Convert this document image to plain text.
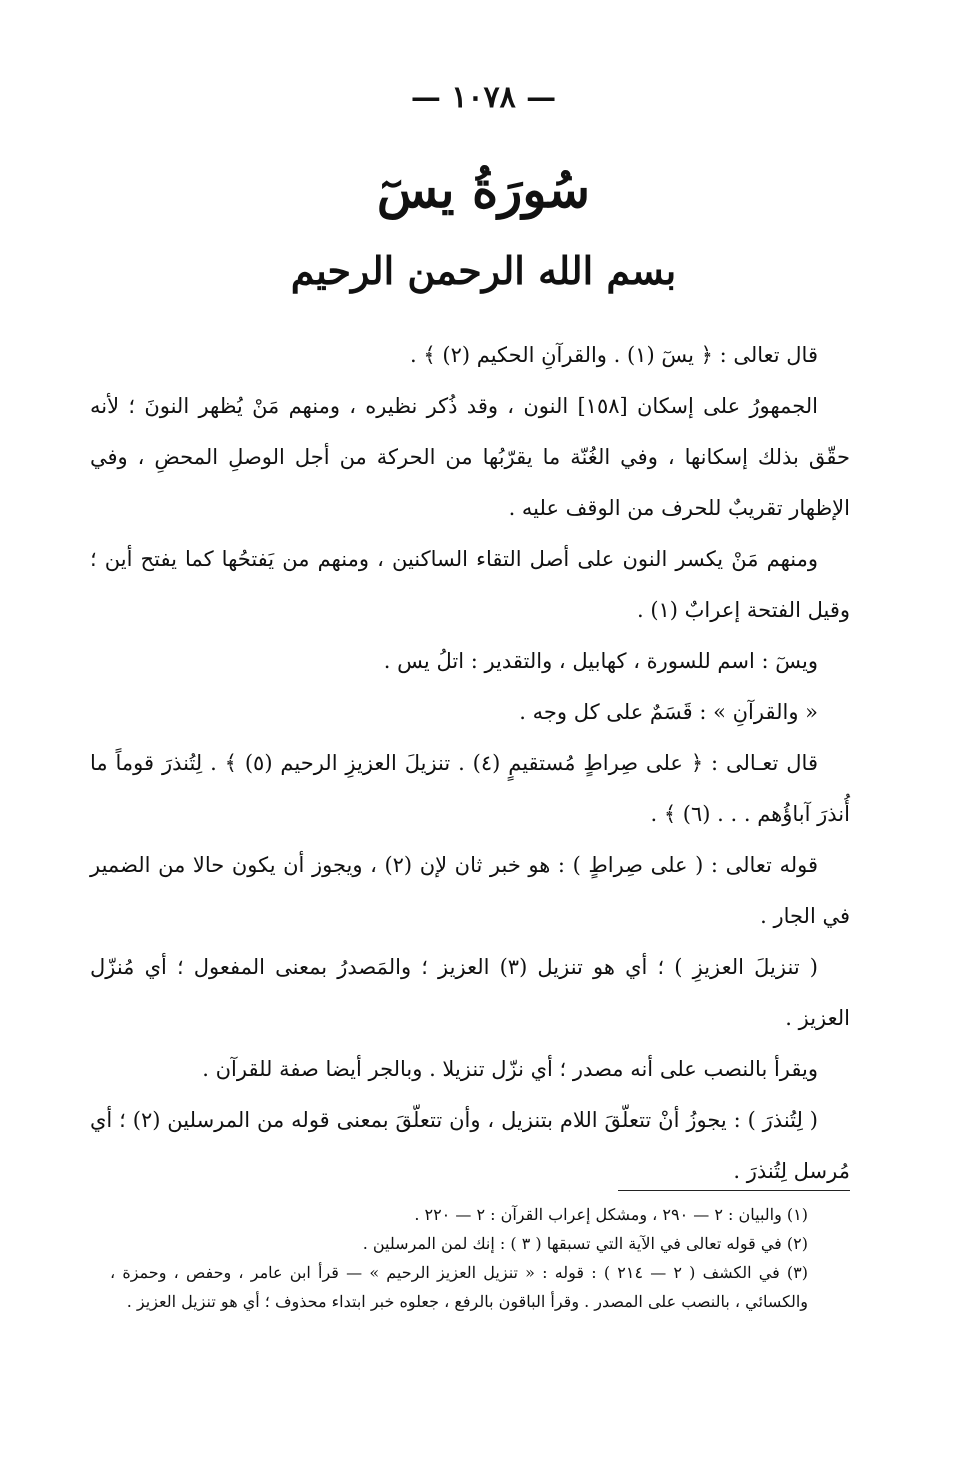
— ١٠٧٨ —
سُورَةُ يسٓ
بسم الله الرحمن الرحيم

قال تعالى : ﴿ يسٓ (١) . والقرآنِ الحكيم (٢) ﴾ .

الجمهورُ على إسكان [١٥٨] النون ، وقد ذُكر نظيره ، ومنهم مَنْ يُظهر النونَ ؛ لأنه حقّق بذلك إسكانها ، وفي الغُنّة ما يقرّبُها من الحركة من أجل الوصلِ المحضِ ، وفي الإظهار تقريبٌ للحرف من الوقف عليه .

ومنهم مَنْ يكسر النون على أصل التقاء الساكنين ، ومنهم من يَفتحُها كما يفتح أين ؛ وقيل الفتحة إعرابٌ (١) .

ويسٓ : اسم للسورة ، كهابيل ، والتقدير : اتلُ يس .

« والقرآنِ » : قَسَمٌ على كل وجه .

قال تعـالى : ﴿ على صِراطٍ مُستقيمٍ (٤) . تنزيلَ العزيزِ الرحيم (٥) ﴾ . لِتُنذرَ قوماً ما أُنذرَ آباؤُهم . . . (٦) ﴾ .

قوله تعالى : ( على صِراطٍ ) : هو خبر ثان لإن (٢) ، ويجوز أن يكون حالا من الضمير في الجار .

( تنزيلَ العزيزِ ) ؛ أي هو تنزيل (٣) العزيز ؛ والمَصدرُ بمعنى المفعول ؛ أي مُنزّل العزيز .

ويقرأ بالنصب على أنه مصدر ؛ أي نزّل تنزيلا . وبالجر أيضا صفة للقرآن .

( لِتُنذرَ ) : يجوزُ أنْ تتعلّقَ اللام بتنزيل ، وأن تتعلّقَ بمعنى قوله من المرسلين (٢) ؛ أي مُرسل لِتُنذرَ .

(١) والبيان : ٢ — ٢٩٠ ، ومشكل إعراب القرآن : ٢ — ٢٢٠ .

(٢) في قوله تعالى في الآية التي تسبقها ( ٣ ) : إنك لمن المرسلين .

(٣) في الكشف ( ٢ — ٢١٤ ) : قوله : « تنزيل العزيز الرحيم » — قرأ ابن عامر ، وحفص ، وحمزة ، والكسائي ، بالنصب على المصدر . وقرأ الباقون بالرفع ، جعلوه خبر ابتداء محذوف ؛ أي هو تنزيل العزيز .
